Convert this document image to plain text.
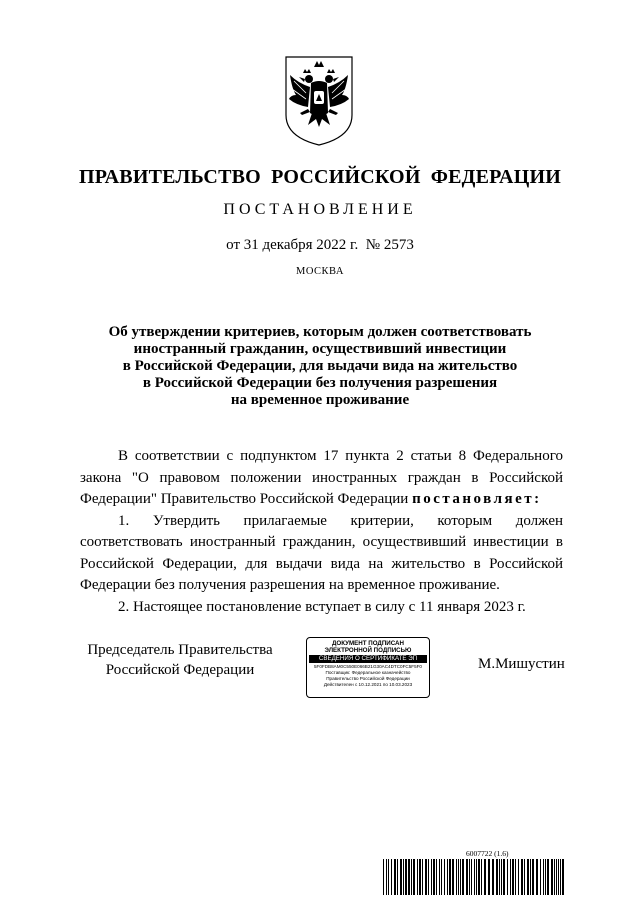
ПРАВИТЕЛЬСТВО РОССИЙСКОЙ ФЕДЕРАЦИИ
ПОСТАНОВЛЕНИЕ
от 31 декабря 2022 г.  № 2573
МОСКВА
Об утверждении критериев, которым должен соответствовать
иностранный гражданин, осуществивший инвестиции
в Российской Федерации, для выдачи вида на жительство
в Российской Федерации без получения разрешения
на временное проживание

В соответствии с подпунктом 17 пункта 2 статьи 8 Федерального закона "О правовом положении иностранных граждан в Российской Федерации" Правительство Российской Федерации постановляет:

1. Утвердить прилагаемые критерии, которым должен соответствовать иностранный гражданин, осуществивший инвестиции в Российской Федерации, для выдачи вида на жительство в Российской Федерации без получения разрешения на временное проживание.

2. Настоящее постановление вступает в силу с 11 января 2023 г.

Председатель Правительства
Российской Федерации
ДОКУМЕНТ ПОДПИСАН
ЭЛЕКТРОННОЙ ПОДПИСЬЮ
СВЕДЕНИЯ О СЕРТИФИКАТЕ ЭП
5F0FDB8AM0C550E066B21G30AC4DTC0FC5F5F0
Поставщик: Федеральное казначейство
Правительство Российской Федерации
Действителен с 10.12.2021 по 10.03.2023
М.Мишустин
6007722 (1.6)
